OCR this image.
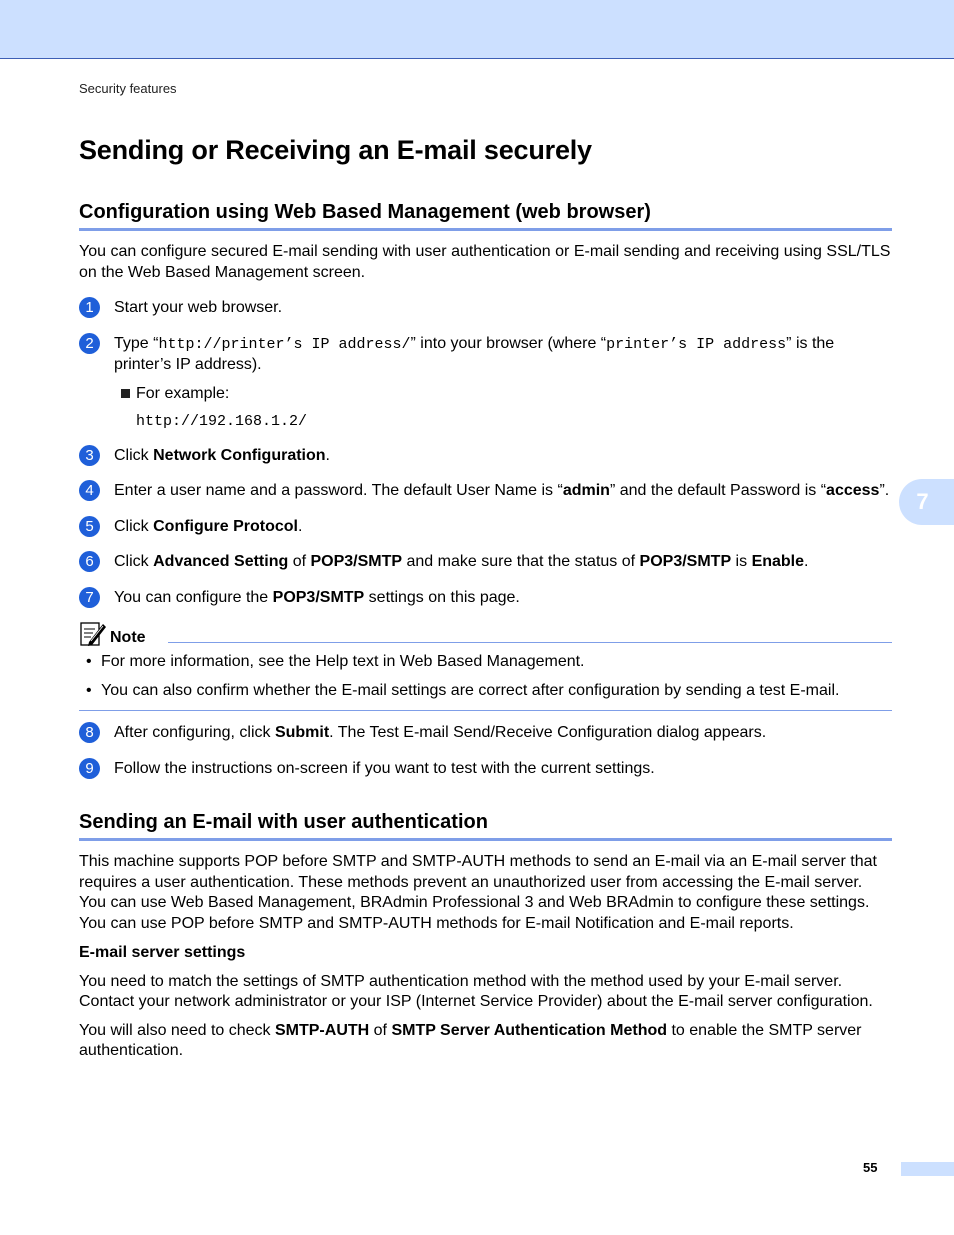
Security features
7
Sending or Receiving an E-mail securely
Configuration using Web Based Management (web browser)

You can configure secured E-mail sending with user authentication or E-mail sending and receiving using SSL/TLS on the Web Based Management screen.

1	Start your web browser.
2	Type “http://printer’s IP address/” into your browser (where “printer’s IP address” is the printer’s IP address).
For example:
http://192.168.1.2/
3	Click Network Configuration.
4	Enter a user name and a password. The default User Name is “admin” and the default Password is “access”.
5	Click Configure Protocol.
6	Click Advanced Setting of POP3/SMTP and make sure that the status of POP3/SMTP is Enable.
7	You can configure the POP3/SMTP settings on this page.
Note
• For more information, see the Help text in Web Based Management.
• You can also confirm whether the E-mail settings are correct after configuration by sending a test E-mail.
8	After configuring, click Submit. The Test E-mail Send/Receive Configuration dialog appears.
9	Follow the instructions on-screen if you want to test with the current settings.
Sending an E-mail with user authentication

This machine supports POP before SMTP and SMTP-AUTH methods to send an E-mail via an E-mail server that requires a user authentication. These methods prevent an unauthorized user from accessing the E-mail server. You can use Web Based Management, BRAdmin Professional 3 and Web BRAdmin to configure these settings. You can use POP before SMTP and SMTP-AUTH methods for E-mail Notification and E-mail reports.

E-mail server settings

You need to match the settings of SMTP authentication method with the method used by your E-mail server. Contact your network administrator or your ISP (Internet Service Provider) about the E-mail server configuration.

You will also need to check SMTP-AUTH of SMTP Server Authentication Method to enable the SMTP server authentication.

55
